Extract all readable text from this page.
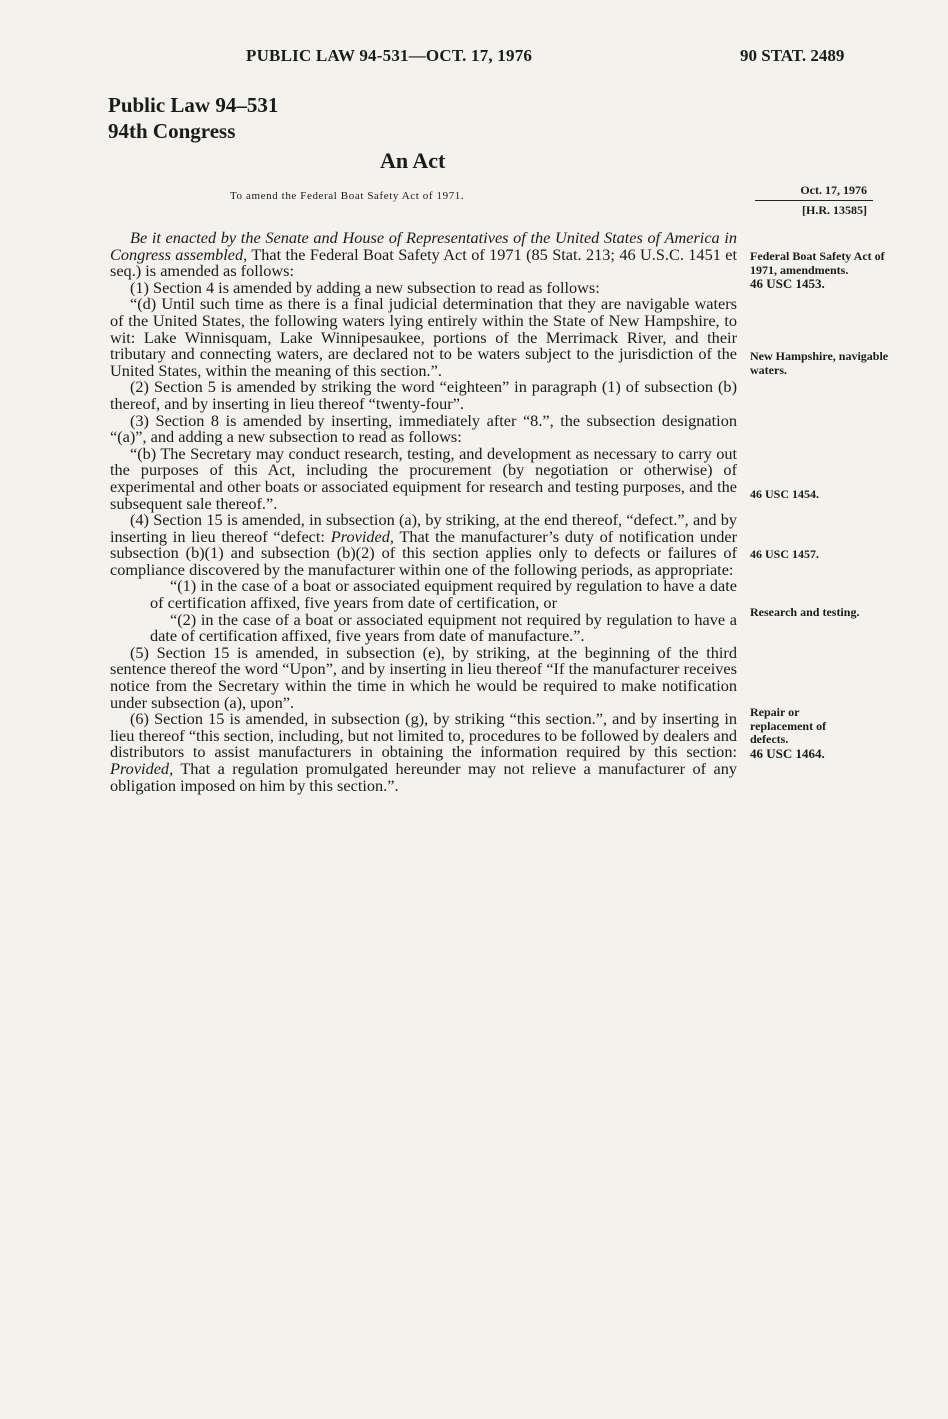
PUBLIC LAW 94-531—OCT. 17, 1976	90 STAT. 2489
Public Law 94–531
94th Congress
An Act
To amend the Federal Boat Safety Act of 1971.	Oct. 17, 1976
[H.R. 13585]

Be it enacted by the Senate and House of Representatives of the United States of America in Congress assembled, That the Federal Boat Safety Act of 1971 (85 Stat. 213; 46 U.S.C. 1451 et seq.) is amended as follows:

(1) Section 4 is amended by adding a new subsection to read as follows:

“(d) Until such time as there is a final judicial determination that they are navigable waters of the United States, the following waters lying entirely within the State of New Hampshire, to wit: Lake Winnisquam, Lake Winnipesaukee, portions of the Merrimack River, and their tributary and connecting waters, are declared not to be waters subject to the jurisdiction of the United States, within the meaning of this section.”.

(2) Section 5 is amended by striking the word “eighteen” in paragraph (1) of subsection (b) thereof, and by inserting in lieu thereof “twenty-four”.

(3) Section 8 is amended by inserting, immediately after “8.”, the subsection designation “(a)”, and adding a new subsection to read as follows:

“(b) The Secretary may conduct research, testing, and development as necessary to carry out the purposes of this Act, including the procurement (by negotiation or otherwise) of experimental and other boats or associated equipment for research and testing purposes, and the subsequent sale thereof.”.

(4) Section 15 is amended, in subsection (a), by striking, at the end thereof, “defect.”, and by inserting in lieu thereof “defect: Provided, That the manufacturer’s duty of notification under subsection (b)(1) and subsection (b)(2) of this section applies only to defects or failures of compliance discovered by the manufacturer within one of the following periods, as appropriate:

“(1) in the case of a boat or associated equipment required by regulation to have a date of certification affixed, five years from date of certification, or

“(2) in the case of a boat or associated equipment not required by regulation to have a date of certification affixed, five years from date of manufacture.”.

(5) Section 15 is amended, in subsection (e), by striking, at the beginning of the third sentence thereof the word “Upon”, and by inserting in lieu thereof “If the manufacturer receives notice from the Secretary within the time in which he would be required to make notification under subsection (a), upon”.

(6) Section 15 is amended, in subsection (g), by striking “this section.”, and by inserting in lieu thereof “this section, including, but not limited to, procedures to be followed by dealers and distributors to assist manufacturers in obtaining the information required by this section: Provided, That a regulation promulgated hereunder may not relieve a manufacturer of any obligation imposed on him by this section.”.

Federal Boat Safety Act of 1971, amendments.
46 USC 1453.
New Hampshire, navigable waters.
46 USC 1454.
46 USC 1457.
Research and testing.
Repair or replacement of defects.
46 USC 1464.
